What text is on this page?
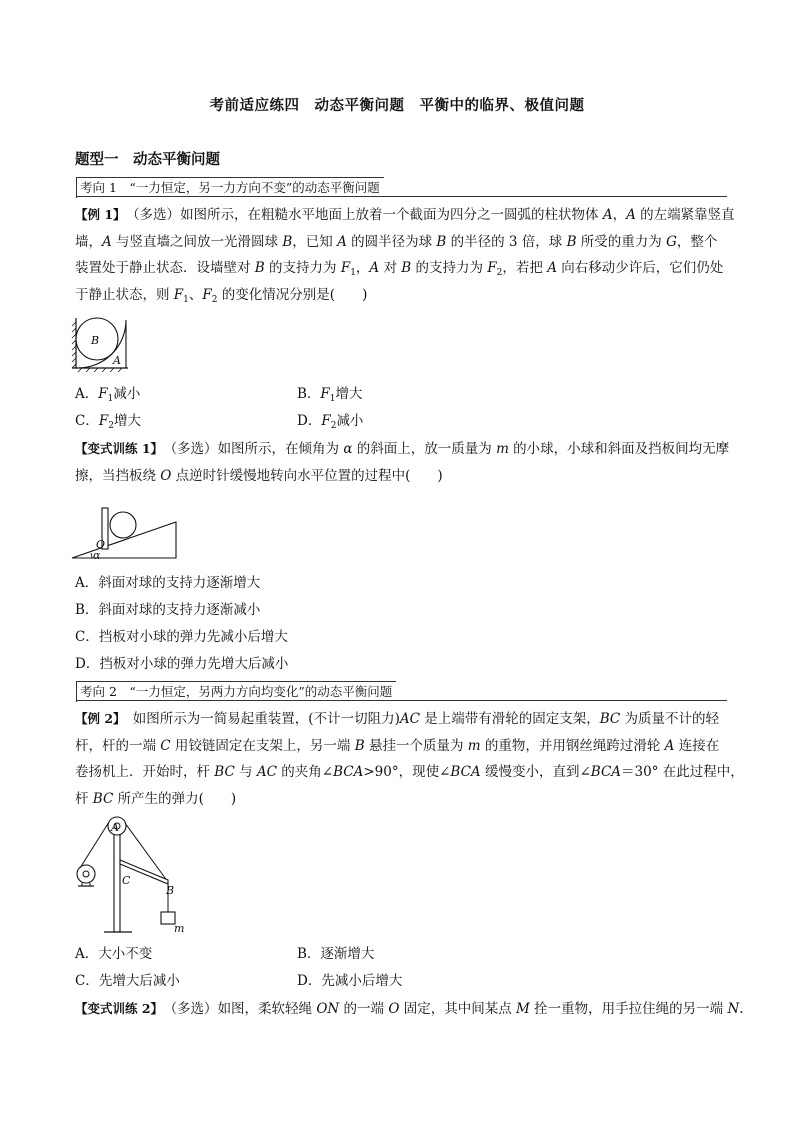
考前适应练四　动态平衡问题　平衡中的临界、极值问题
题型一　动态平衡问题
考向 1　“一力恒定，另一力方向不变”的动态平衡问题
【例 1】　 （多选）如图所示，在粗糙水平地面上放着一个截面为四分之一圆弧的柱状物体 A，A 的左端紧靠竖直
墙，A 与竖直墙之间放一光滑圆球 B，已知 A 的圆半径为球 B 的半径的 3 倍，球 B 所受的重力为 G，整个
装置处于静止状态．设墙壁对 B 的支持力为 $F_1$，A 对 B 的支持力为 $F_2$，若把 A 向右移动少许后，它们仍处
于静止状态，则 $F_1$、$F_2$ 的变化情况分别是(　　)
B
A
A．$F_1$减小	B．$F_1$增大
C．$F_2$增大	D．$F_2$减小
【变式训练 1】　 （多选）如图所示，在倾角为 α 的斜面上，放一质量为 m 的小球，小球和斜面及挡板间均无摩
擦，当挡板绕 O 点逆时针缓慢地转向水平位置的过程中(　　)
O
α
A．斜面对球的支持力逐渐增大
B．斜面对球的支持力逐渐减小
C．挡板对小球的弹力先减小后增大
D．挡板对小球的弹力先增大后减小
考向 2　“一力恒定，另两力方向均变化”的动态平衡问题
【例 2】　如图所示为一简易起重装置，(不计一切阻力)AC 是上端带有滑轮的固定支架，BC 为质量不计的轻
杆，杆的一端 C 用铰链固定在支架上，另一端 B 悬挂一个质量为 m 的重物，并用钢丝绳跨过滑轮 A 连接在
卷扬机上．开始时，杆 BC 与 AC 的夹角∠BCA>90°，现使∠BCA 缓慢变小，直到∠BCA＝30° 在此过程中，
杆 BC 所产生的弹力(　　)
A
C
B
m
A．大小不变	B．逐渐增大
C．先增大后减小	D．先减小后增大
【变式训练 2】　 （多选）如图，柔软轻绳 ON 的一端 O 固定，其中间某点 M 拴一重物，用手拉住绳的另一端 N.
